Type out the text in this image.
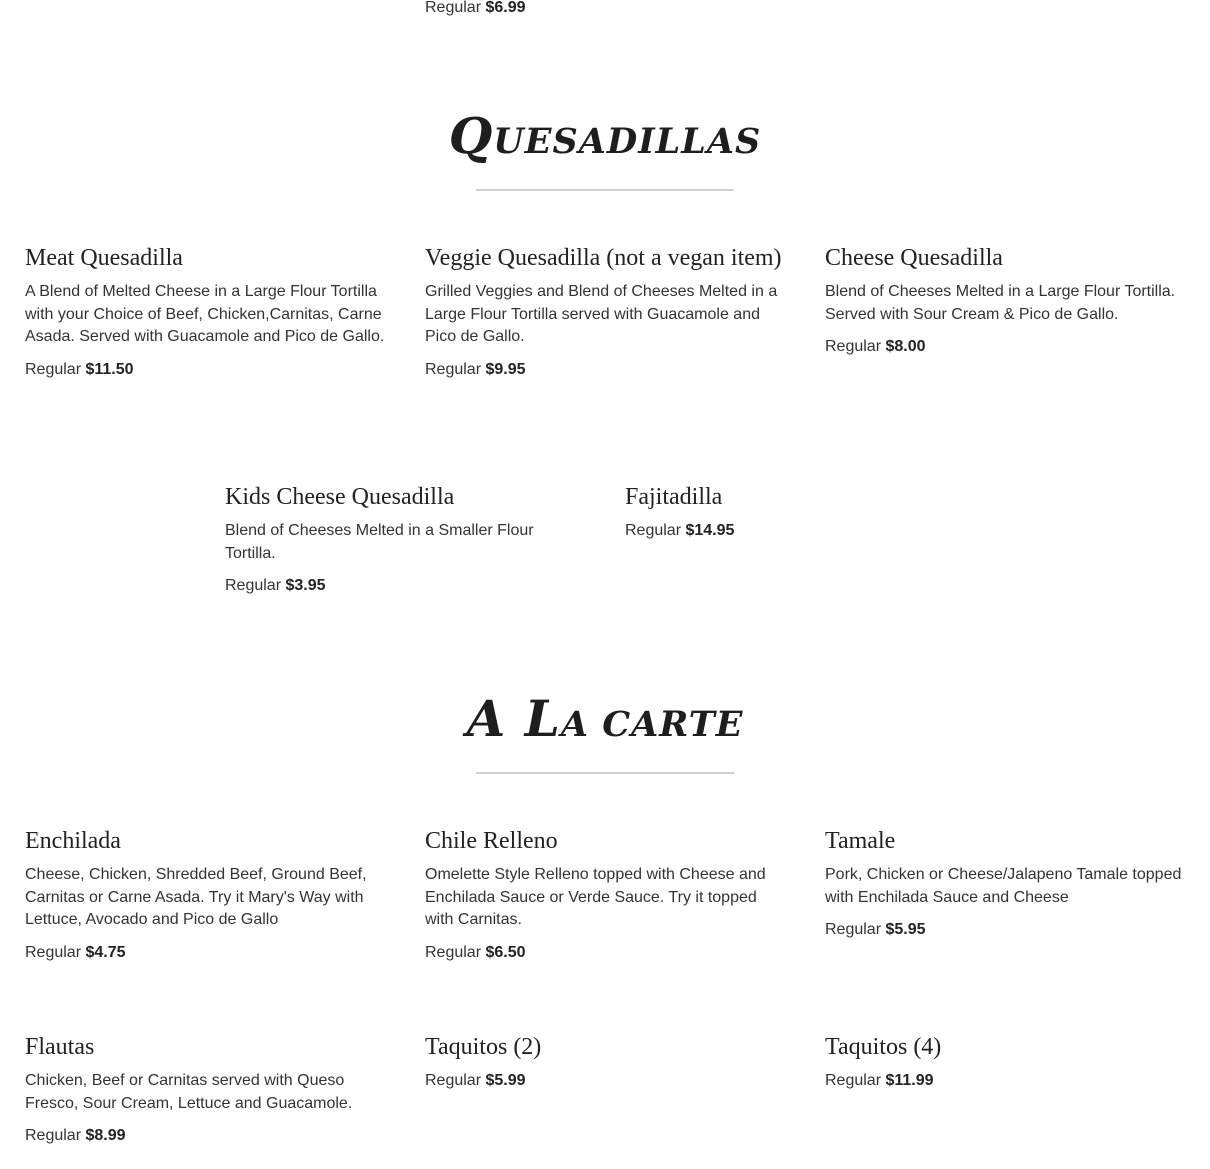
Regular $6.99
QUESADILLAS
Meat Quesadilla

A Blend of Melted Cheese in a Large Flour Tortilla with your Choice of Beef, Chicken,Carnitas, Carne Asada. Served with Guacamole and Pico de Gallo.

Regular $11.50
Veggie Quesadilla (not a vegan item)

Grilled Veggies and Blend of Cheeses Melted in a Large Flour Tortilla served with Guacamole and Pico de Gallo.

Regular $9.95
Cheese Quesadilla

Blend of Cheeses Melted in a Large Flour Tortilla. Served with Sour Cream & Pico de Gallo.

Regular $8.00
Kids Cheese Quesadilla

Blend of Cheeses Melted in a Smaller Flour Tortilla.

Regular $3.95
Fajitadilla
Regular $14.95
A LA CARTE
Enchilada

Cheese, Chicken, Shredded Beef, Ground Beef, Carnitas or Carne Asada. Try it Mary's Way with Lettuce, Avocado and Pico de Gallo

Regular $4.75
Chile Relleno

Omelette Style Relleno topped with Cheese and Enchilada Sauce or Verde Sauce. Try it topped with Carnitas.

Regular $6.50
Tamale

Pork, Chicken or Cheese/Jalapeno Tamale topped with Enchilada Sauce and Cheese

Regular $5.95
Flautas

Chicken, Beef or Carnitas served with Queso Fresco, Sour Cream, Lettuce and Guacamole.

Regular $8.99
Taquitos (2)
Regular $5.99
Taquitos (4)
Regular $11.99
